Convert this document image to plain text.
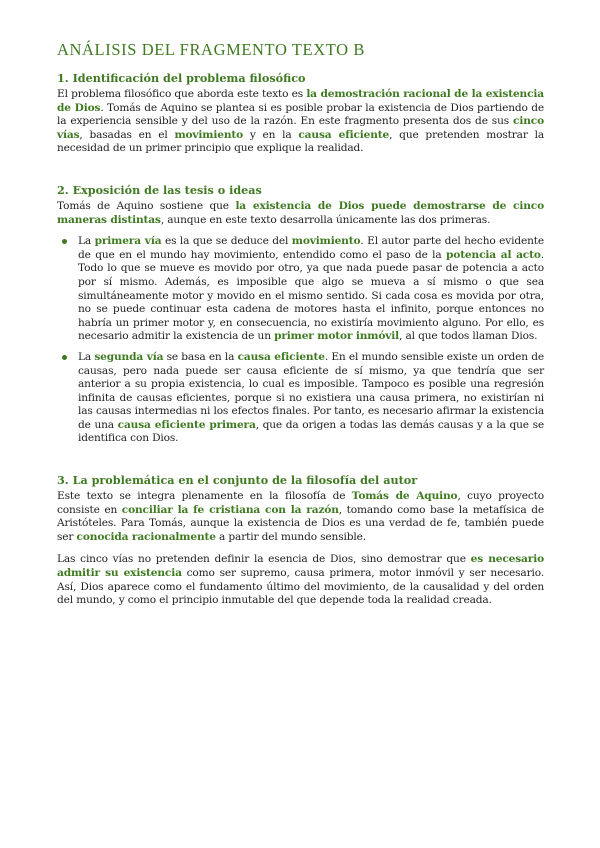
ANÁLISIS DEL FRAGMENTO TEXTO B
1. Identificación del problema filosófico

El problema filosófico que aborda este texto es la demostración racional de la existencia de Dios. Tomás de Aquino se plantea si es posible probar la existencia de Dios partiendo de la experiencia sensible y del uso de la razón. En este fragmento presenta dos de sus cinco vías, basadas en el movimiento y en la causa eficiente, que pretenden mostrar la necesidad de un primer principio que explique la realidad.

2. Exposición de las tesis o ideas

Tomás de Aquino sostiene que la existencia de Dios puede demostrarse de cinco maneras distintas, aunque en este texto desarrolla únicamente las dos primeras.

La primera vía es la que se deduce del movimiento. El autor parte del hecho evidente de que en el mundo hay movimiento, entendido como el paso de la potencia al acto. Todo lo que se mueve es movido por otro, ya que nada puede pasar de potencia a acto por sí mismo. Además, es imposible que algo se mueva a sí mismo o que sea simultáneamente motor y movido en el mismo sentido. Si cada cosa es movida por otra, no se puede continuar esta cadena de motores hasta el infinito, porque entonces no habría un primer motor y, en consecuencia, no existiría movimiento alguno. Por ello, es necesario admitir la existencia de un primer motor inmóvil, al que todos llaman Dios.

La segunda vía se basa en la causa eficiente. En el mundo sensible existe un orden de causas, pero nada puede ser causa eficiente de sí mismo, ya que tendría que ser anterior a su propia existencia, lo cual es imposible. Tampoco es posible una regresión infinita de causas eficientes, porque si no existiera una causa primera, no existirían ni las causas intermedias ni los efectos finales. Por tanto, es necesario afirmar la existencia de una causa eficiente primera, que da origen a todas las demás causas y a la que se identifica con Dios.

3. La problemática en el conjunto de la filosofía del autor

Este texto se integra plenamente en la filosofía de Tomás de Aquino, cuyo proyecto consiste en conciliar la fe cristiana con la razón, tomando como base la metafísica de Aristóteles. Para Tomás, aunque la existencia de Dios es una verdad de fe, también puede ser conocida racionalmente a partir del mundo sensible.

Las cinco vías no pretenden definir la esencia de Dios, sino demostrar que es necesario admitir su existencia como ser supremo, causa primera, motor inmóvil y ser necesario. Así, Dios aparece como el fundamento último del movimiento, de la causalidad y del orden del mundo, y como el principio inmutable del que depende toda la realidad creada.
